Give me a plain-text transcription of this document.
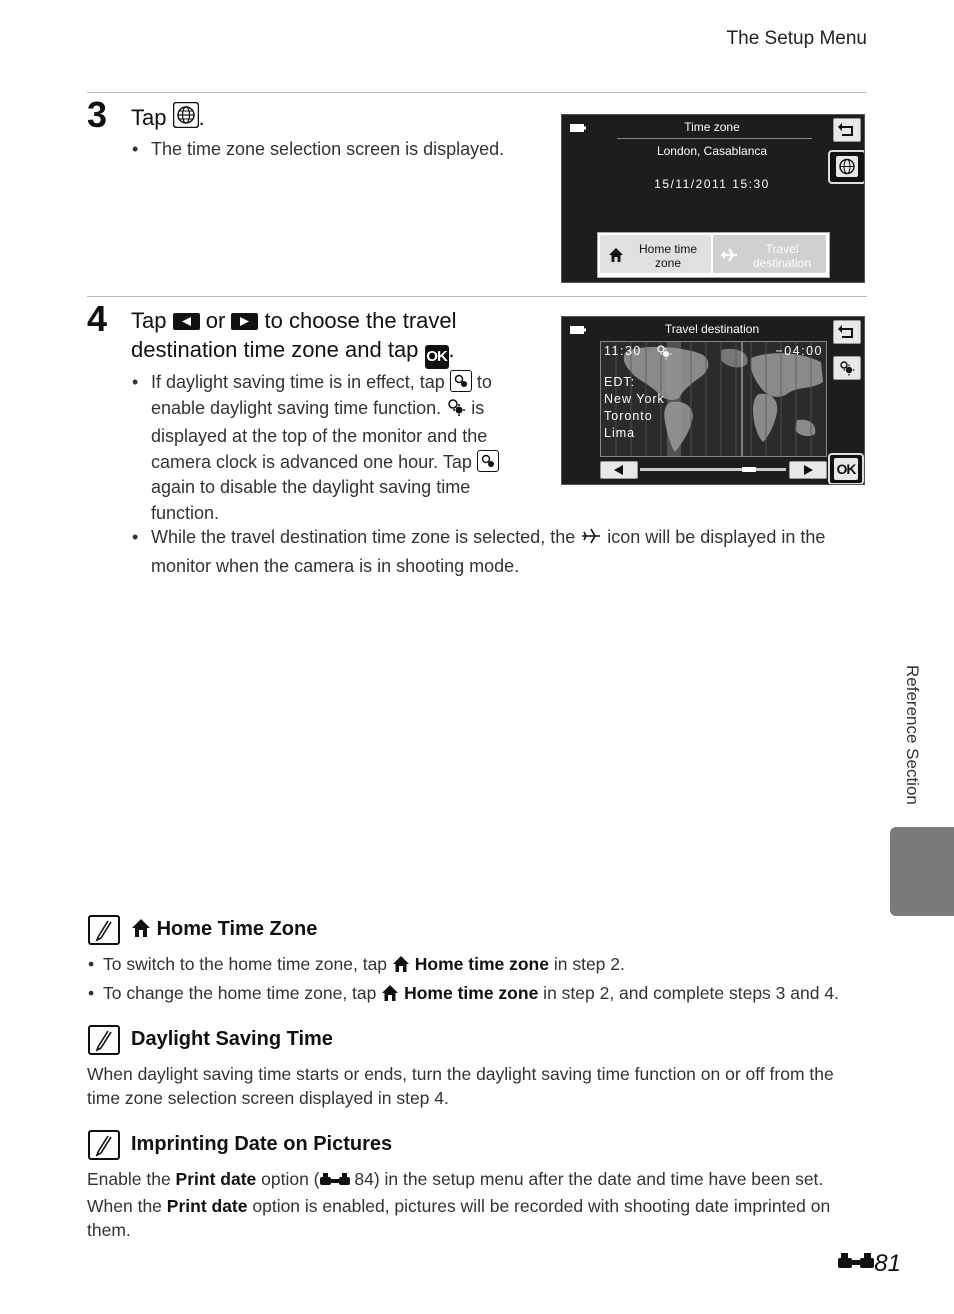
The Setup Menu
3 Tap .
• The time zone selection screen is displayed.
Time zone
London, Casablanca
15/11/2011 15:30
Home time zone
Travel destination
4 Tap
or
to choose the travel destination time zone and tap OK.
• If daylight saving time is in effect, tap
to enable daylight saving time function.  is displayed at the top of the monitor and the camera clock is advanced one hour. Tap
again to disable the daylight saving time function.
• While the travel destination time zone is selected, the  icon will be displayed in the monitor when the camera is in shooting mode.
Travel destination
11:30	−04:00
EDT:
New York
Toronto
Lima
OK
Home Time Zone
• To switch to the home time zone, tap  Home time zone in step 2.
• To change the home time zone, tap  Home time zone in step 2, and complete steps 3 and 4.
Daylight Saving Time
When daylight saving time starts or ends, turn the daylight saving time function on or off from the time zone selection screen displayed in step 4.
Imprinting Date on Pictures
Enable the Print date option ( 84) in the setup menu after the date and time have been set. When the Print date option is enabled, pictures will be recorded with shooting date imprinted on them.
Reference Section
81
